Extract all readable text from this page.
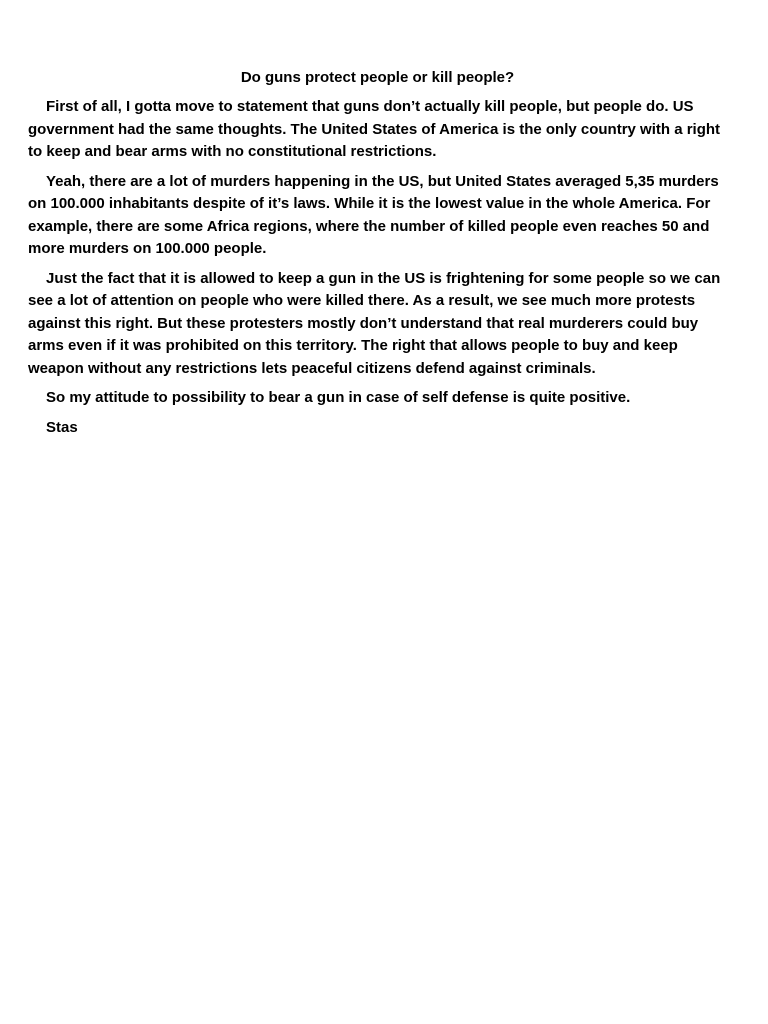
Do guns protect people or kill people?

First of all, I gotta move to statement that guns don’t actually kill people, but people do. US government had the same thoughts. The United States of America is the only country with a right to keep and bear arms with no constitutional restrictions.

Yeah, there are a lot of murders happening in the US, but United States averaged 5,35 murders on 100.000 inhabitants despite of it’s laws. While it is the lowest value in the whole America. For example, there are some Africa regions, where the number of killed people even reaches 50 and more murders on 100.000 people.

Just the fact that it is allowed to keep a gun in the US is frightening for some people so we can see a lot of attention on people who were killed there. As a result, we see much more protests against this right. But these protesters mostly don’t understand that real murderers could buy arms even if it was prohibited on this territory. The right that allows people to buy and keep weapon without any restrictions lets peaceful citizens defend against criminals.

So my attitude to possibility to bear a gun in case of self defense is quite positive.

Stas
